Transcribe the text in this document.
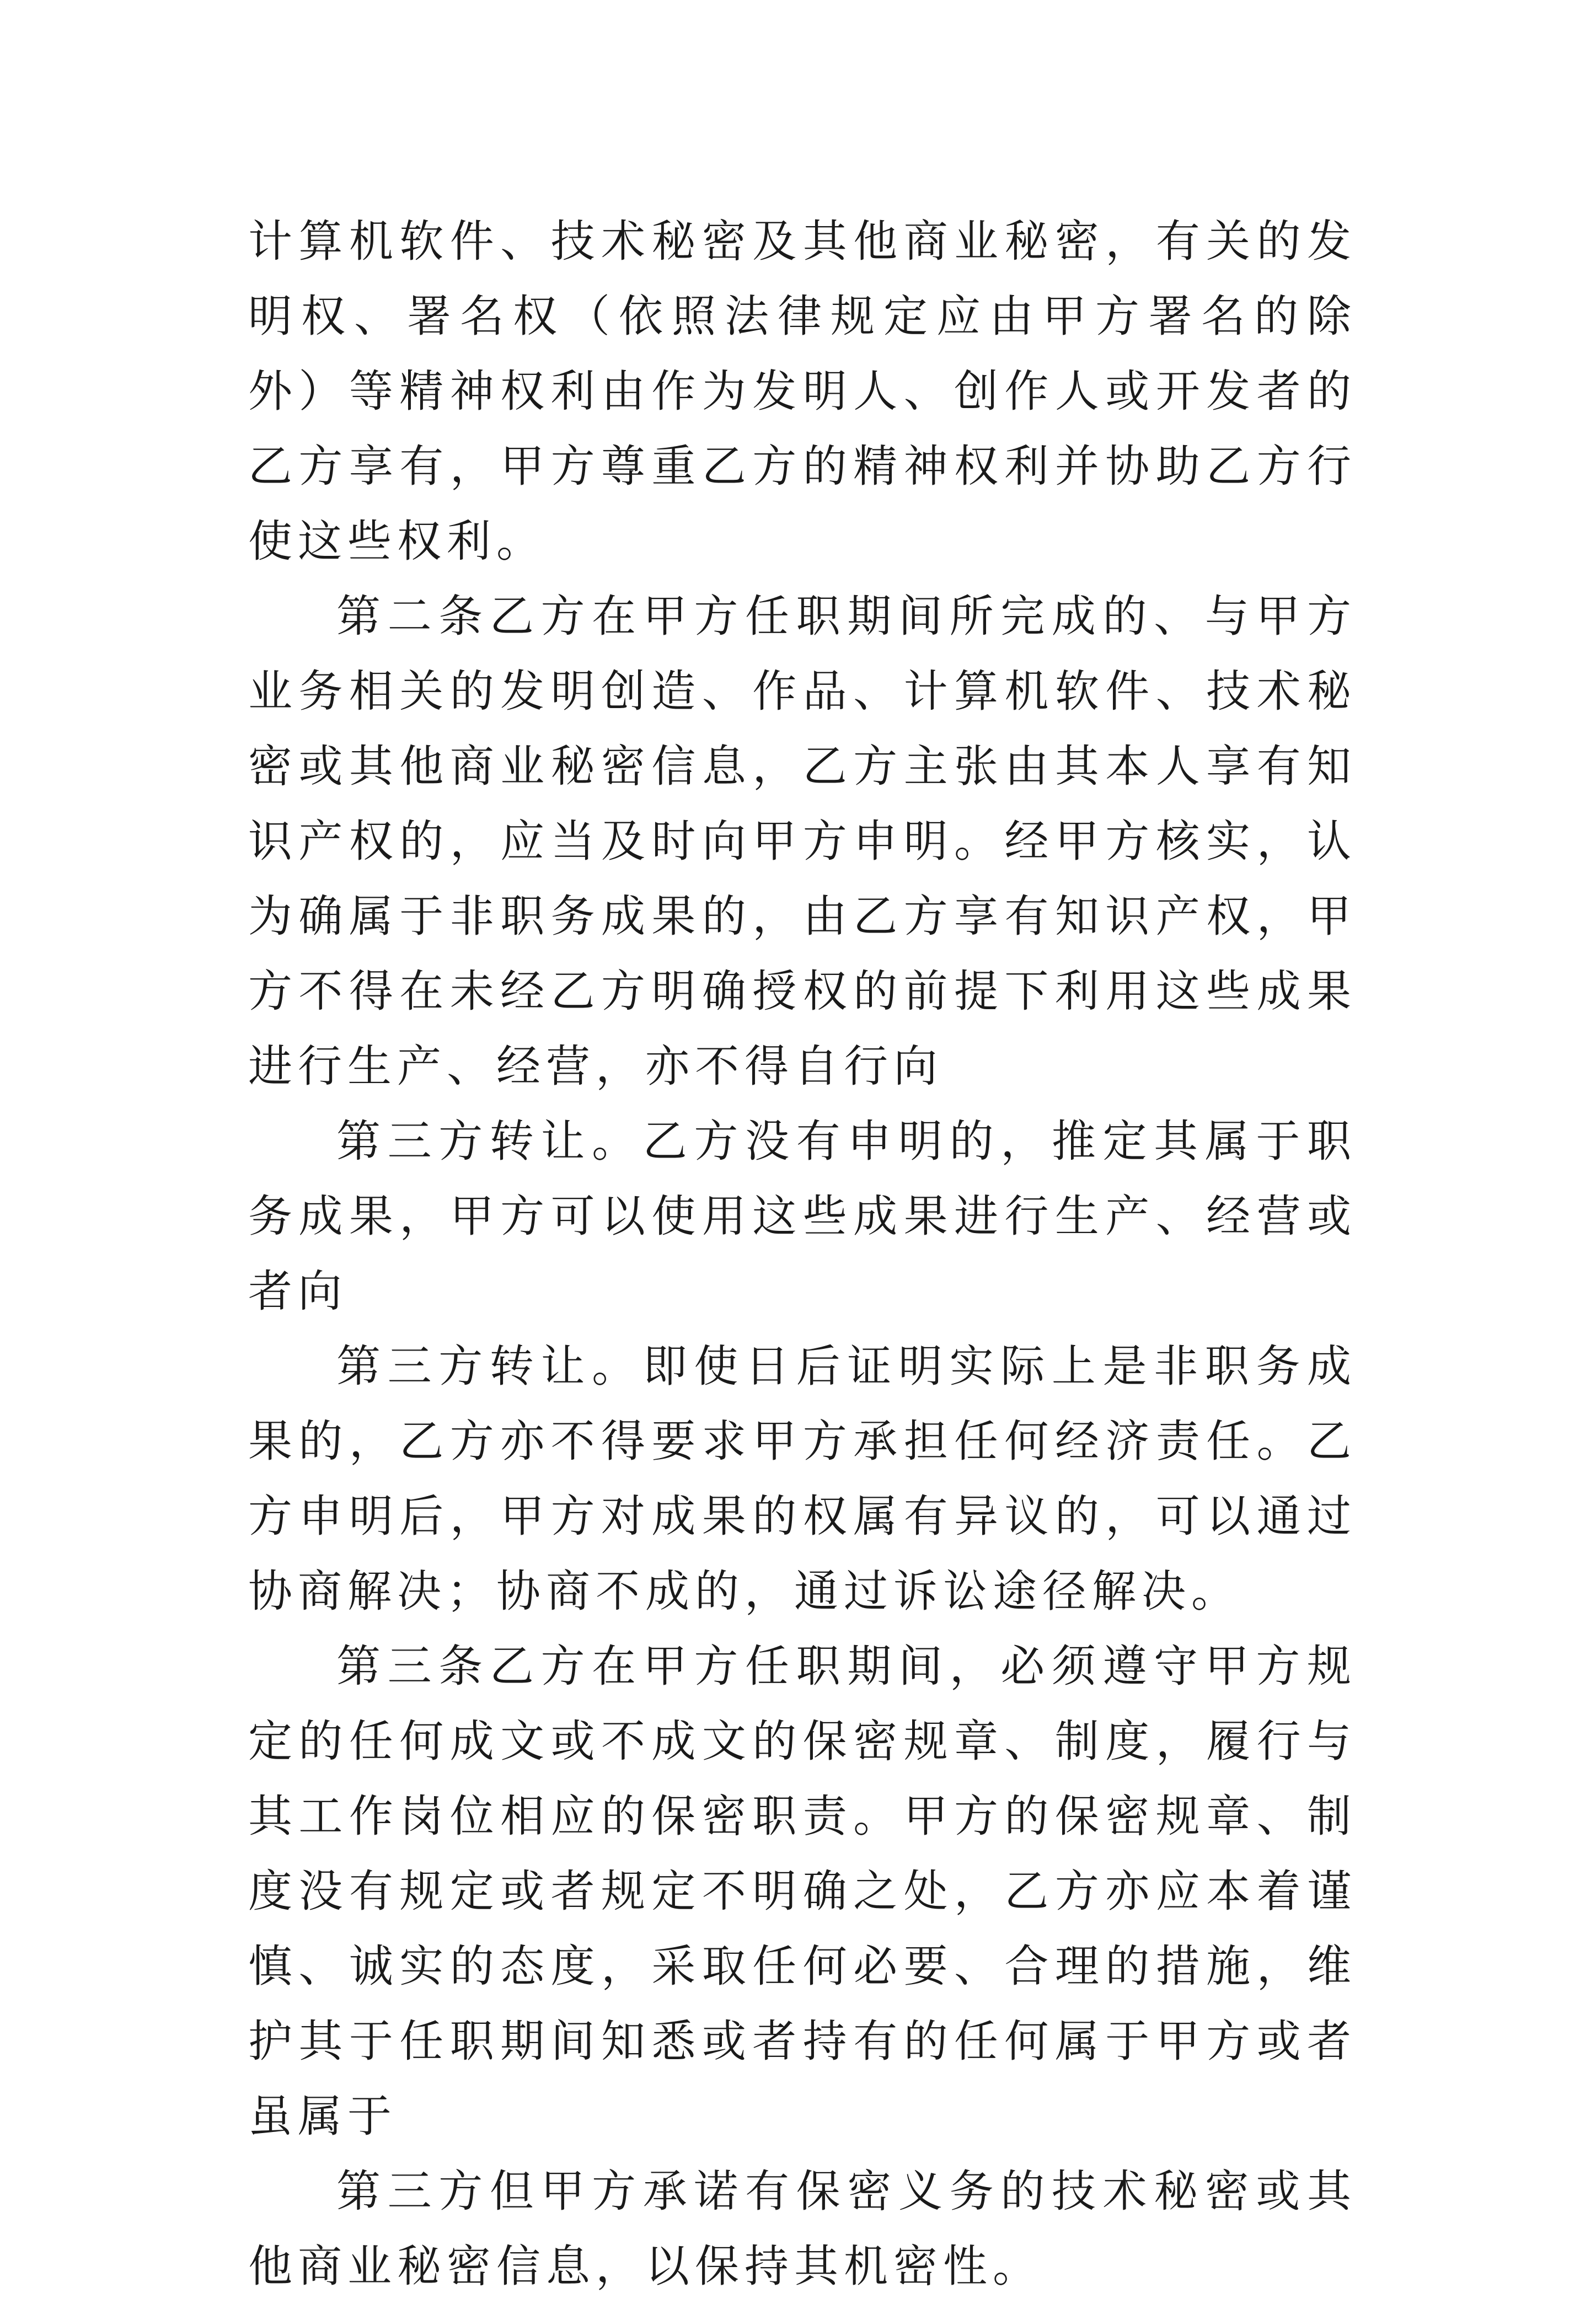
计算机软件、技术秘密及其他商业秘密，有关的发明权、署名权（依照法律规定应由甲方署名的除外）等精神权利由作为发明人、创作人或开发者的乙方享有，甲方尊重乙方的精神权利并协助乙方行使这些权利。

第二条乙方在甲方任职期间所完成的、与甲方业务相关的发明创造、作品、计算机软件、技术秘密或其他商业秘密信息，乙方主张由其本人享有知识产权的，应当及时向甲方申明。经甲方核实，认为确属于非职务成果的，由乙方享有知识产权，甲方不得在未经乙方明确授权的前提下利用这些成果进行生产、经营，亦不得自行向

第三方转让。乙方没有申明的，推定其属于职务成果，甲方可以使用这些成果进行生产、经营或者向

第三方转让。即使日后证明实际上是非职务成果的，乙方亦不得要求甲方承担任何经济责任。乙方申明后，甲方对成果的权属有异议的，可以通过协商解决；协商不成的，通过诉讼途径解决。

第三条乙方在甲方任职期间，必须遵守甲方规定的任何成文或不成文的保密规章、制度，履行与其工作岗位相应的保密职责。甲方的保密规章、制度没有规定或者规定不明确之处，乙方亦应本着谨慎、诚实的态度，采取任何必要、合理的措施，维护其于任职期间知悉或者持有的任何属于甲方或者虽属于

第三方但甲方承诺有保密义务的技术秘密或其他商业秘密信息，以保持其机密性。
